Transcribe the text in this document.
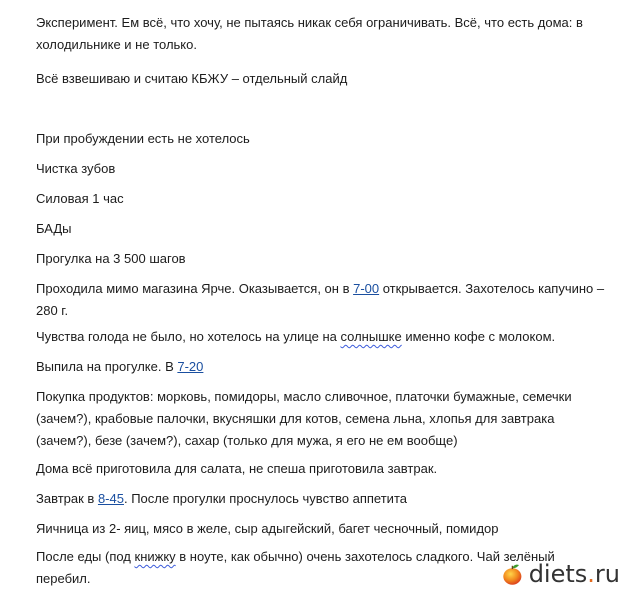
Эксперимент. Ем всё, что хочу, не пытаясь никак себя ограничивать. Всё, что есть дома: в холодильнике и не только.

Всё взвешиваю и считаю КБЖУ – отдельный слайд

При пробуждении есть не хотелось

Чистка зубов

Силовая 1 час

БАДы

Прогулка на 3 500 шагов

Проходила мимо магазина Ярче. Оказывается, он в 7-00 открывается. Захотелось капучино – 280 г.

Чувства голода не было, но хотелось на улице на солнышке именно кофе с молоком.

Выпила на прогулке. В 7-20

Покупка продуктов: морковь, помидоры, масло сливочное, платочки бумажные, семечки (зачем?), крабовые палочки, вкусняшки для котов, семена льна, хлопья для завтрака (зачем?), безе (зачем?), сахар (только для мужа, я его не ем вообще)

Дома всё приготовила для салата, не спеша приготовила завтрак.

Завтрак в 8-45. После прогулки проснулось чувство аппетита

Яичница из 2- яиц, мясо в желе, сыр адыгейский, багет чесночный, помидор

После еды (под книжку в ноуте, как обычно) очень захотелось сладкого. Чай зелёный перебил.	diets.ru
